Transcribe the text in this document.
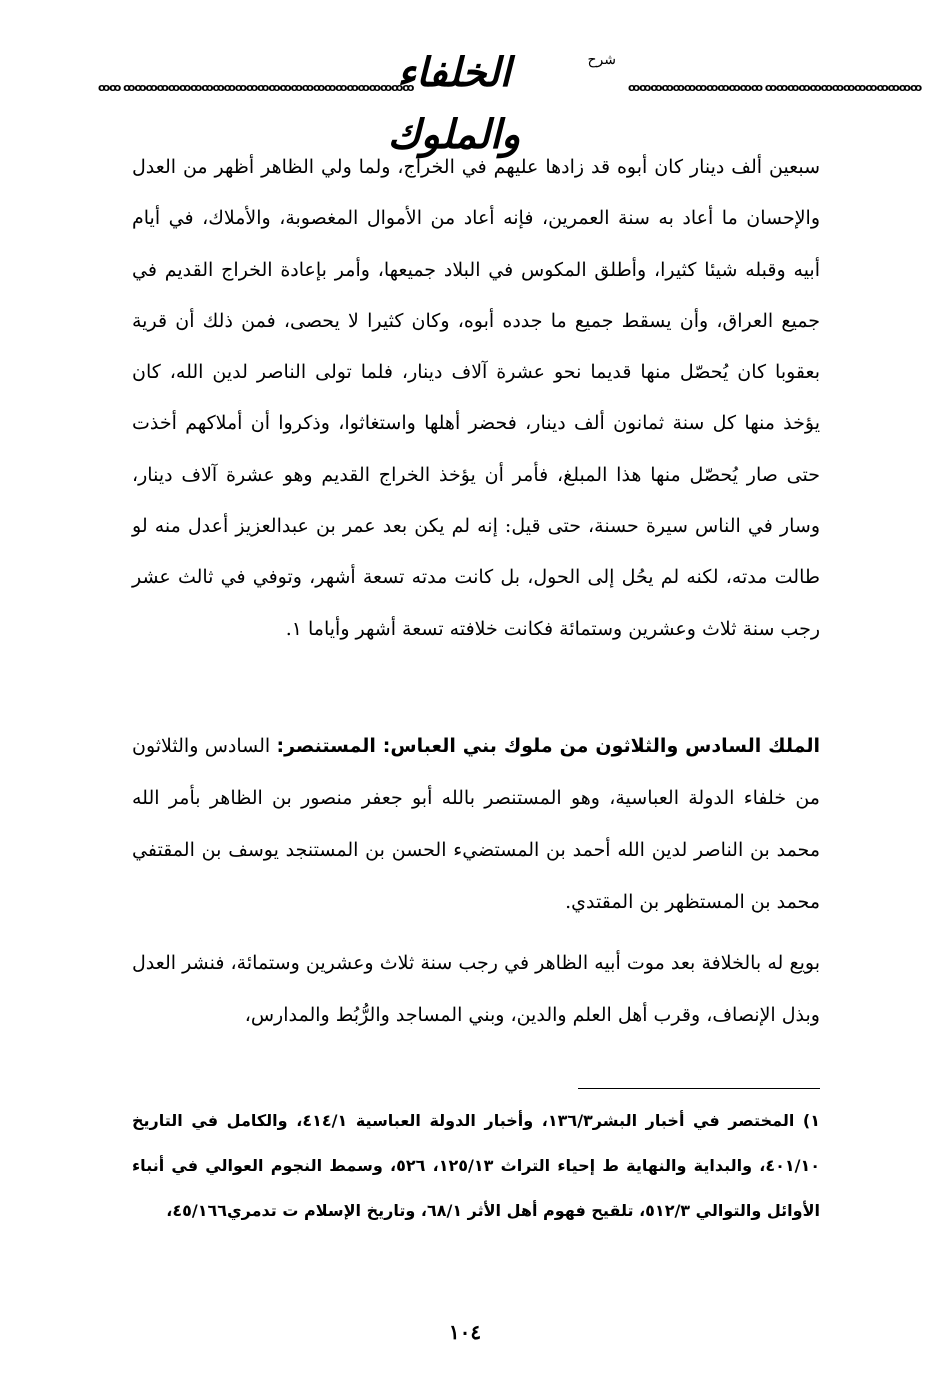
ꝏꝏ ꝏꝏꝏꝏꝏꝏꝏꝏꝏꝏꝏꝏꝏꝏꝏꝏꝏꝏꝏꝏꝏꝏꝏꝏꝏꝏ
شرح
الخلفاء والملوك
ꝏꝏꝏꝏꝏꝏꝏꝏꝏꝏꝏꝏ ꝏꝏꝏꝏꝏꝏꝏꝏꝏꝏꝏꝏꝏꝏ
سبعين ألف دينار كان أبوه قد زادها عليهم في الخراج، ولما ولي الظاهر أظهر من العدل والإحسان ما أعاد به سنة العمرين، فإنه أعاد من الأموال المغصوبة، والأملاك، في أيام أبيه وقبله شيئا كثيرا، وأطلق المكوس في البلاد جميعها، وأمر بإعادة الخراج القديم في جميع العراق، وأن يسقط جميع ما جدده أبوه، وكان كثيرا لا يحصى، فمن ذلك أن قرية بعقوبا كان يُحصّل منها قديما نحو عشرة آلاف دينار، فلما تولى الناصر لدين الله، كان يؤخذ منها كل سنة ثمانون ألف دينار، فحضر أهلها واستغاثوا، وذكروا أن أملاكهم أخذت حتى صار يُحصّل منها هذا المبلغ، فأمر أن يؤخذ الخراج القديم وهو عشرة آلاف دينار، وسار في الناس سيرة حسنة، حتى قيل: إنه لم يكن بعد عمر بن عبدالعزيز أعدل منه لو طالت مدته، لكنه لم يحُل إلى الحول، بل كانت مدته تسعة أشهر، وتوفي في ثالث عشر رجب سنة ثلاث وعشرين وستمائة فكانت خلافته تسعة أشهر وأياما ١.
الملك السادس والثلاثون من ملوك بني العباس: المستنصر: السادس والثلاثون من خلفاء الدولة العباسية، وهو المستنصر بالله أبو جعفر منصور بن الظاهر بأمر الله محمد بن الناصر لدين الله أحمد بن المستضيء الحسن بن المستنجد يوسف بن المقتفي محمد بن المستظهر بن المقتدي.
بويع له بالخلافة بعد موت أبيه الظاهر في رجب سنة ثلاث وعشرين وستمائة، فنشر العدل وبذل الإنصاف، وقرب أهل العلم والدين، وبني المساجد والرُّبُط والمدارس،
١) المختصر في أخبار البشر١٣٦/٣، وأخبار الدولة العباسية ٤١٤/١، والكامل في التاريخ ٤٠١/١٠، والبداية والنهاية ط إحياء التراث ١٢٥/١٣، ٥٢٦، وسمط النجوم العوالي في أنباء الأوائل والتوالي ٥١٢/٣، تلقيح فهوم أهل الأثر ٦٨/١، وتاريخ الإسلام ت تدمري٤٥/١٦٦،
١٠٤
